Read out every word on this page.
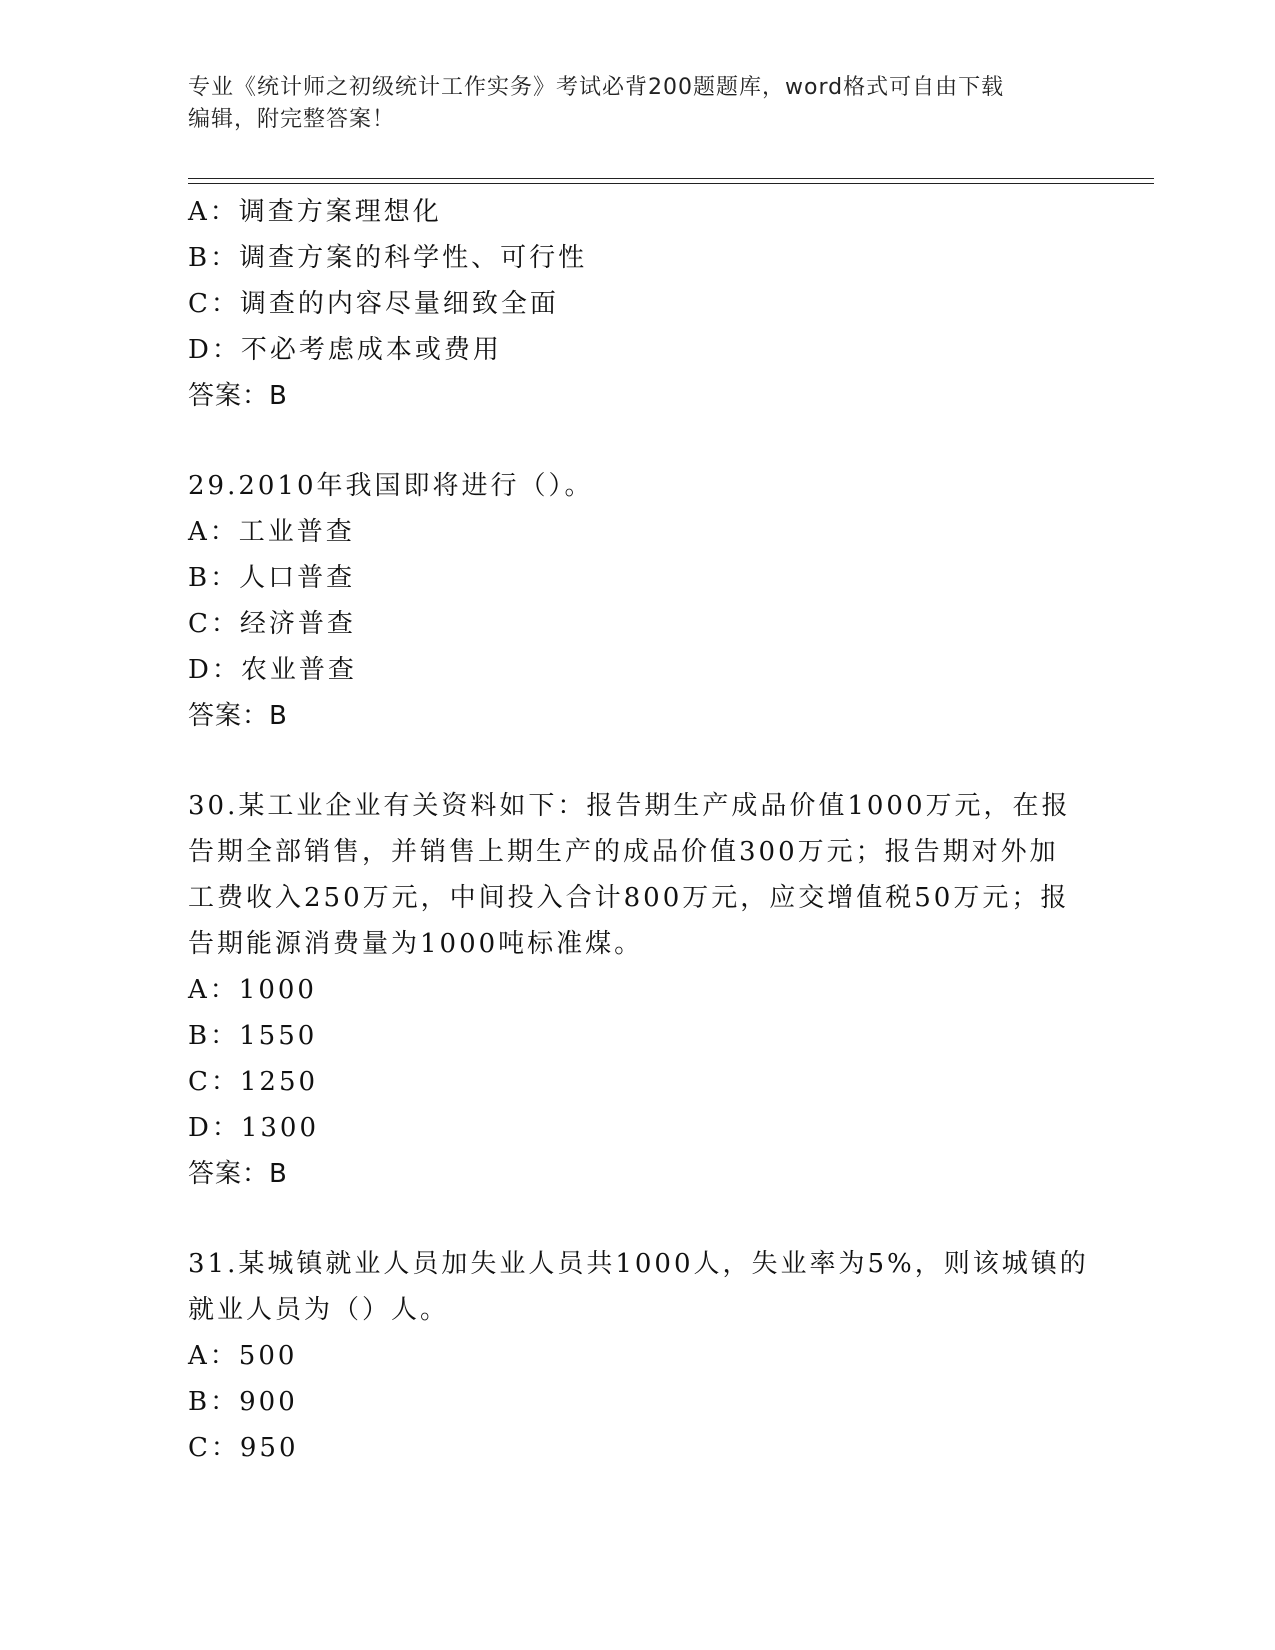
专业《统计师之初级统计工作实务》考试必背200题题库，word格式可自由下载
编辑，附完整答案！
A：调查方案理想化
B：调查方案的科学性、可行性
C：调查的内容尽量细致全面
D：不必考虑成本或费用
答案：B
29.2010年我国即将进行（）。
A：工业普查
B：人口普查
C：经济普查
D：农业普查
答案：B
30.某工业企业有关资料如下：报告期生产成品价值1000万元，在报
告期全部销售，并销售上期生产的成品价值300万元；报告期对外加
工费收入250万元，中间投入合计800万元，应交增值税50万元；报
告期能源消费量为1000吨标准煤。
A：1000
B：1550
C：1250
D：1300
答案：B
31.某城镇就业人员加失业人员共1000人，失业率为5%，则该城镇的
就业人员为（）人。
A：500
B：900
C：950
